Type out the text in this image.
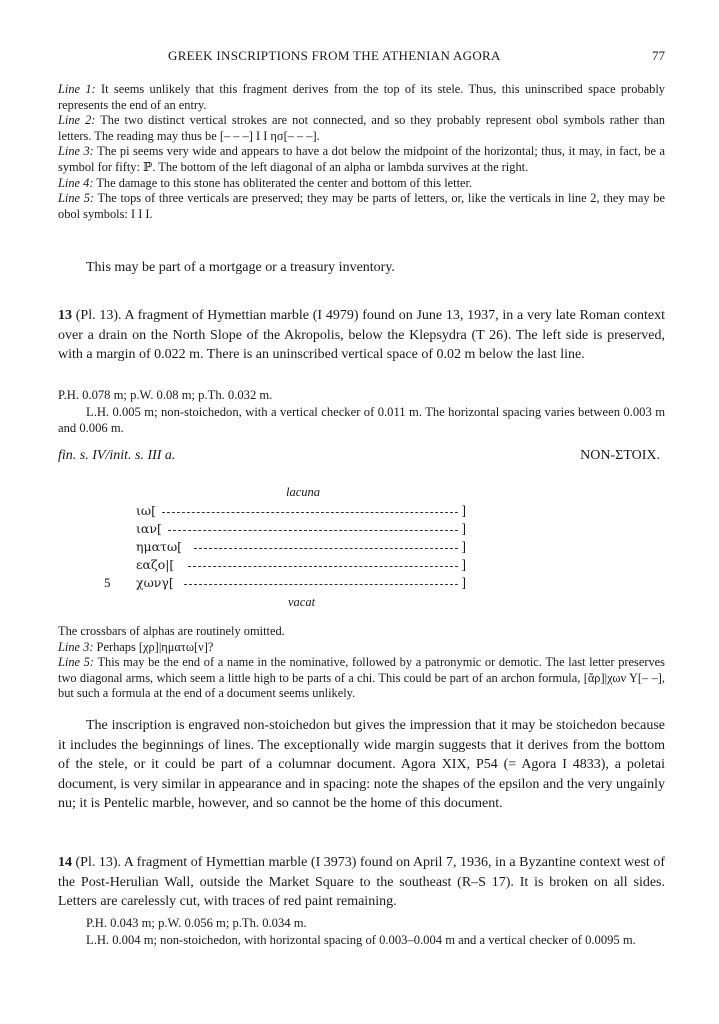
GREEK INSCRIPTIONS FROM THE ATHENIAN AGORA	77

Line 1: It seems unlikely that this fragment derives from the top of its stele. Thus, this uninscribed space probably represents the end of an entry.

Line 2: The two distinct vertical strokes are not connected, and so they probably represent obol symbols rather than letters. The reading may thus be [– – –] I I ησ[– – –].

Line 3: The pi seems very wide and appears to have a dot below the midpoint of the horizontal; thus, it may, in fact, be a symbol for fifty: ℙ. The bottom of the left diagonal of an alpha or lambda survives at the right.

Line 4: The damage to this stone has obliterated the center and bottom of this letter.

Line 5: The tops of three verticals are preserved; they may be parts of letters, or, like the verticals in line 2, they may be obol symbols: I I I.

This may be part of a mortgage or a treasury inventory.

13 (Pl. 13). A fragment of Hymettian marble (I 4979) found on June 13, 1937, in a very late Roman context over a drain on the North Slope of the Akropolis, below the Klepsydra (T 26). The left side is preserved, with a margin of 0.022 m. There is an uninscribed vertical space of 0.02 m below the last line.

P.H. 0.078 m; p.W. 0.08 m; p.Th. 0.032 m.

L.H. 0.005 m; non-stoichedon, with a vertical checker of 0.011 m. The horizontal spacing varies between 0.003 m and 0.006 m.

fin. s. IV/init. s. III a.	NON-ΣΤΟΙΧ.
lacuna
ιω[	]
ιαν[	]
ηματω[	]
εαζο|[	]
5 χωνγ[	]
vacat

The crossbars of alphas are routinely omitted.

Line 3: Perhaps [χρ]|ηματω[ν]?

Line 5: This may be the end of a name in the nominative, followed by a patronymic or demotic. The last letter preserves two diagonal arms, which seem a little high to be parts of a chi. This could be part of an archon formula, [ἄρ]|χων Υ[– –], but such a formula at the end of a document seems unlikely.

The inscription is engraved non-stoichedon but gives the impression that it may be stoichedon because it includes the beginnings of lines. The exceptionally wide margin suggests that it derives from the bottom of the stele, or it could be part of a columnar document. Agora XIX, P54 (= Agora I 4833), a poletai document, is very similar in appearance and in spacing: note the shapes of the epsilon and the very ungainly nu; it is Pentelic marble, however, and so cannot be the home of this document.

14 (Pl. 13). A fragment of Hymettian marble (I 3973) found on April 7, 1936, in a Byzantine context west of the Post-Herulian Wall, outside the Market Square to the southeast (R–S 17). It is broken on all sides. Letters are carelessly cut, with traces of red paint remaining.

P.H. 0.043 m; p.W. 0.056 m; p.Th. 0.034 m.

L.H. 0.004 m; non-stoichedon, with horizontal spacing of 0.003–0.004 m and a vertical checker of 0.0095 m.
